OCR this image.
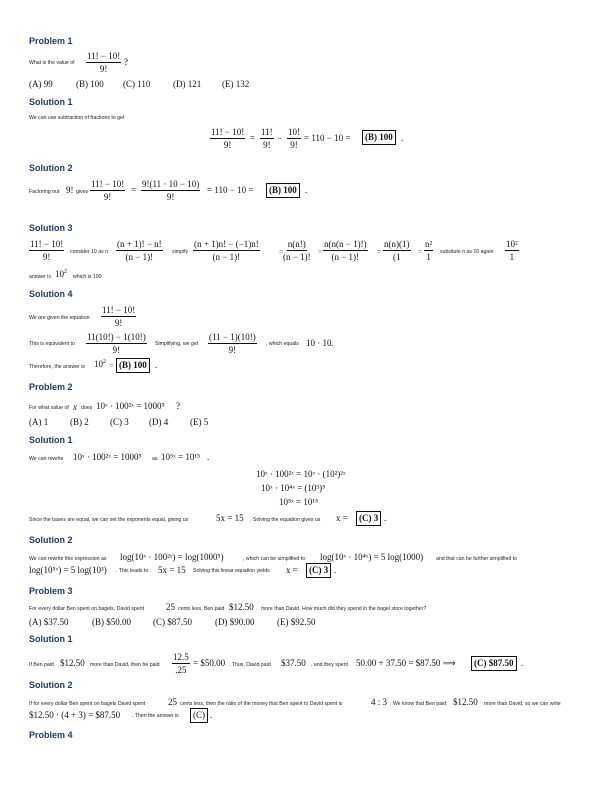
Problem 1
What is the value of $\frac{11! - 10!}{9!}$ ?
(A) 99	(B) 100 (C) 110	(D) 121 (E) 132
Solution 1
We can use subtraction of fractions to get
$\frac{11! - 10!}{9!} = \frac{11!}{9!} - \frac{10!}{9!} = 110 - 10$ =	(B) 100 .
Solution 2
Factoring out 9! gives $\frac{11! - 10!}{9!} = \frac{9!(11 \cdot 10 - 10)}{9!} = 110 - 10$ =	(B) 100 .
Solution 3
$\frac{11! - 10!}{9!}$ consider 10 as n $\frac{(n + 1)! - n!}{(n - 1)!}$ simpify $\frac{(n + 1)n! - (-1)n!}{(n - 1)!}$	= $\frac{n(n!)}{(n - 1)!} = \frac{n(n(n - 1)!)}{(n - 1)!} = \frac{n(n)(1)}{(1} = \frac{\text{n²}}{1}$ subsitute n as 10 again $\frac{\text{10²}}{1}$
answer is $10^2$
which is 100
Solution 4
We are given the equation $\frac{11! - 10!}{9!}$
This is equivalent to $\frac{11(10!) - 1(10!)}{9!}$ Simplifying, we get $\frac{(11 - 1)(10!)}{9!}$ , which equals 10 · 10 .
Therefore, the answer is $10^2 = (B)$ 100 .
Problem 2
For what value of x does 10ˣ · 100²ˣ = 1000⁵ ?
(A) 1 (B) 2 (C) 3 (D) 4 (E) 5
Solution 1
We can rewrite 10ˣ · 100²ˣ = 1000⁵ as 10⁵ˣ = 10¹⁵ .
10ˣ · 100²ˣ = 10ˣ · (10²)²ˣ
10ˣ · 10⁴ˣ = (10³)⁵
10⁵ˣ = 10¹⁵
Since the bases are equal, we can set the exponents equal, giving us	5x = 15 . Solving the equation gives us x =	(C) 3 .
Solution 2
We can rewrite this expression as log(10ˣ · 100²ˣ) = log(1000⁵)	, which can be simplified to log(10ˣ · 10⁴ˣ) = 5 log(1000) and that can be further simplified to
log(10⁵ˣ) = 5 log(10³) . This leads to 5x = 15 Solving this linear equation yields x =	(C) 3 .
Problem 3
For every dollar Ben spent on bagels, David spent 25 cents less. Ben paid $12.50 more than David. How much did they spend in the bagel store together?
(A) $37.50	(B) $50.00 (C) $87.50	(D) $90.00	(E) $92.50
Solution 1
If Ben paid $12.50 more than David, then he paid $\frac{12.5}{.25}$ = $50.00 . Thus, David paid $37.50 , and they spent 50.00 + 37.50 = $87.50 ⟹	(C) $87.50 .
Solution 2
If for every dollar Ben spent on bagels David spent	25 cents less, then the ratio of the money that Ben spent to David spent is	4 : 3 . We know that Ben paid $12.50 more than David, so we can write
$12.50 · (4 + 3) = $87.50 . Then the answer is	(C) .
Problem 4
